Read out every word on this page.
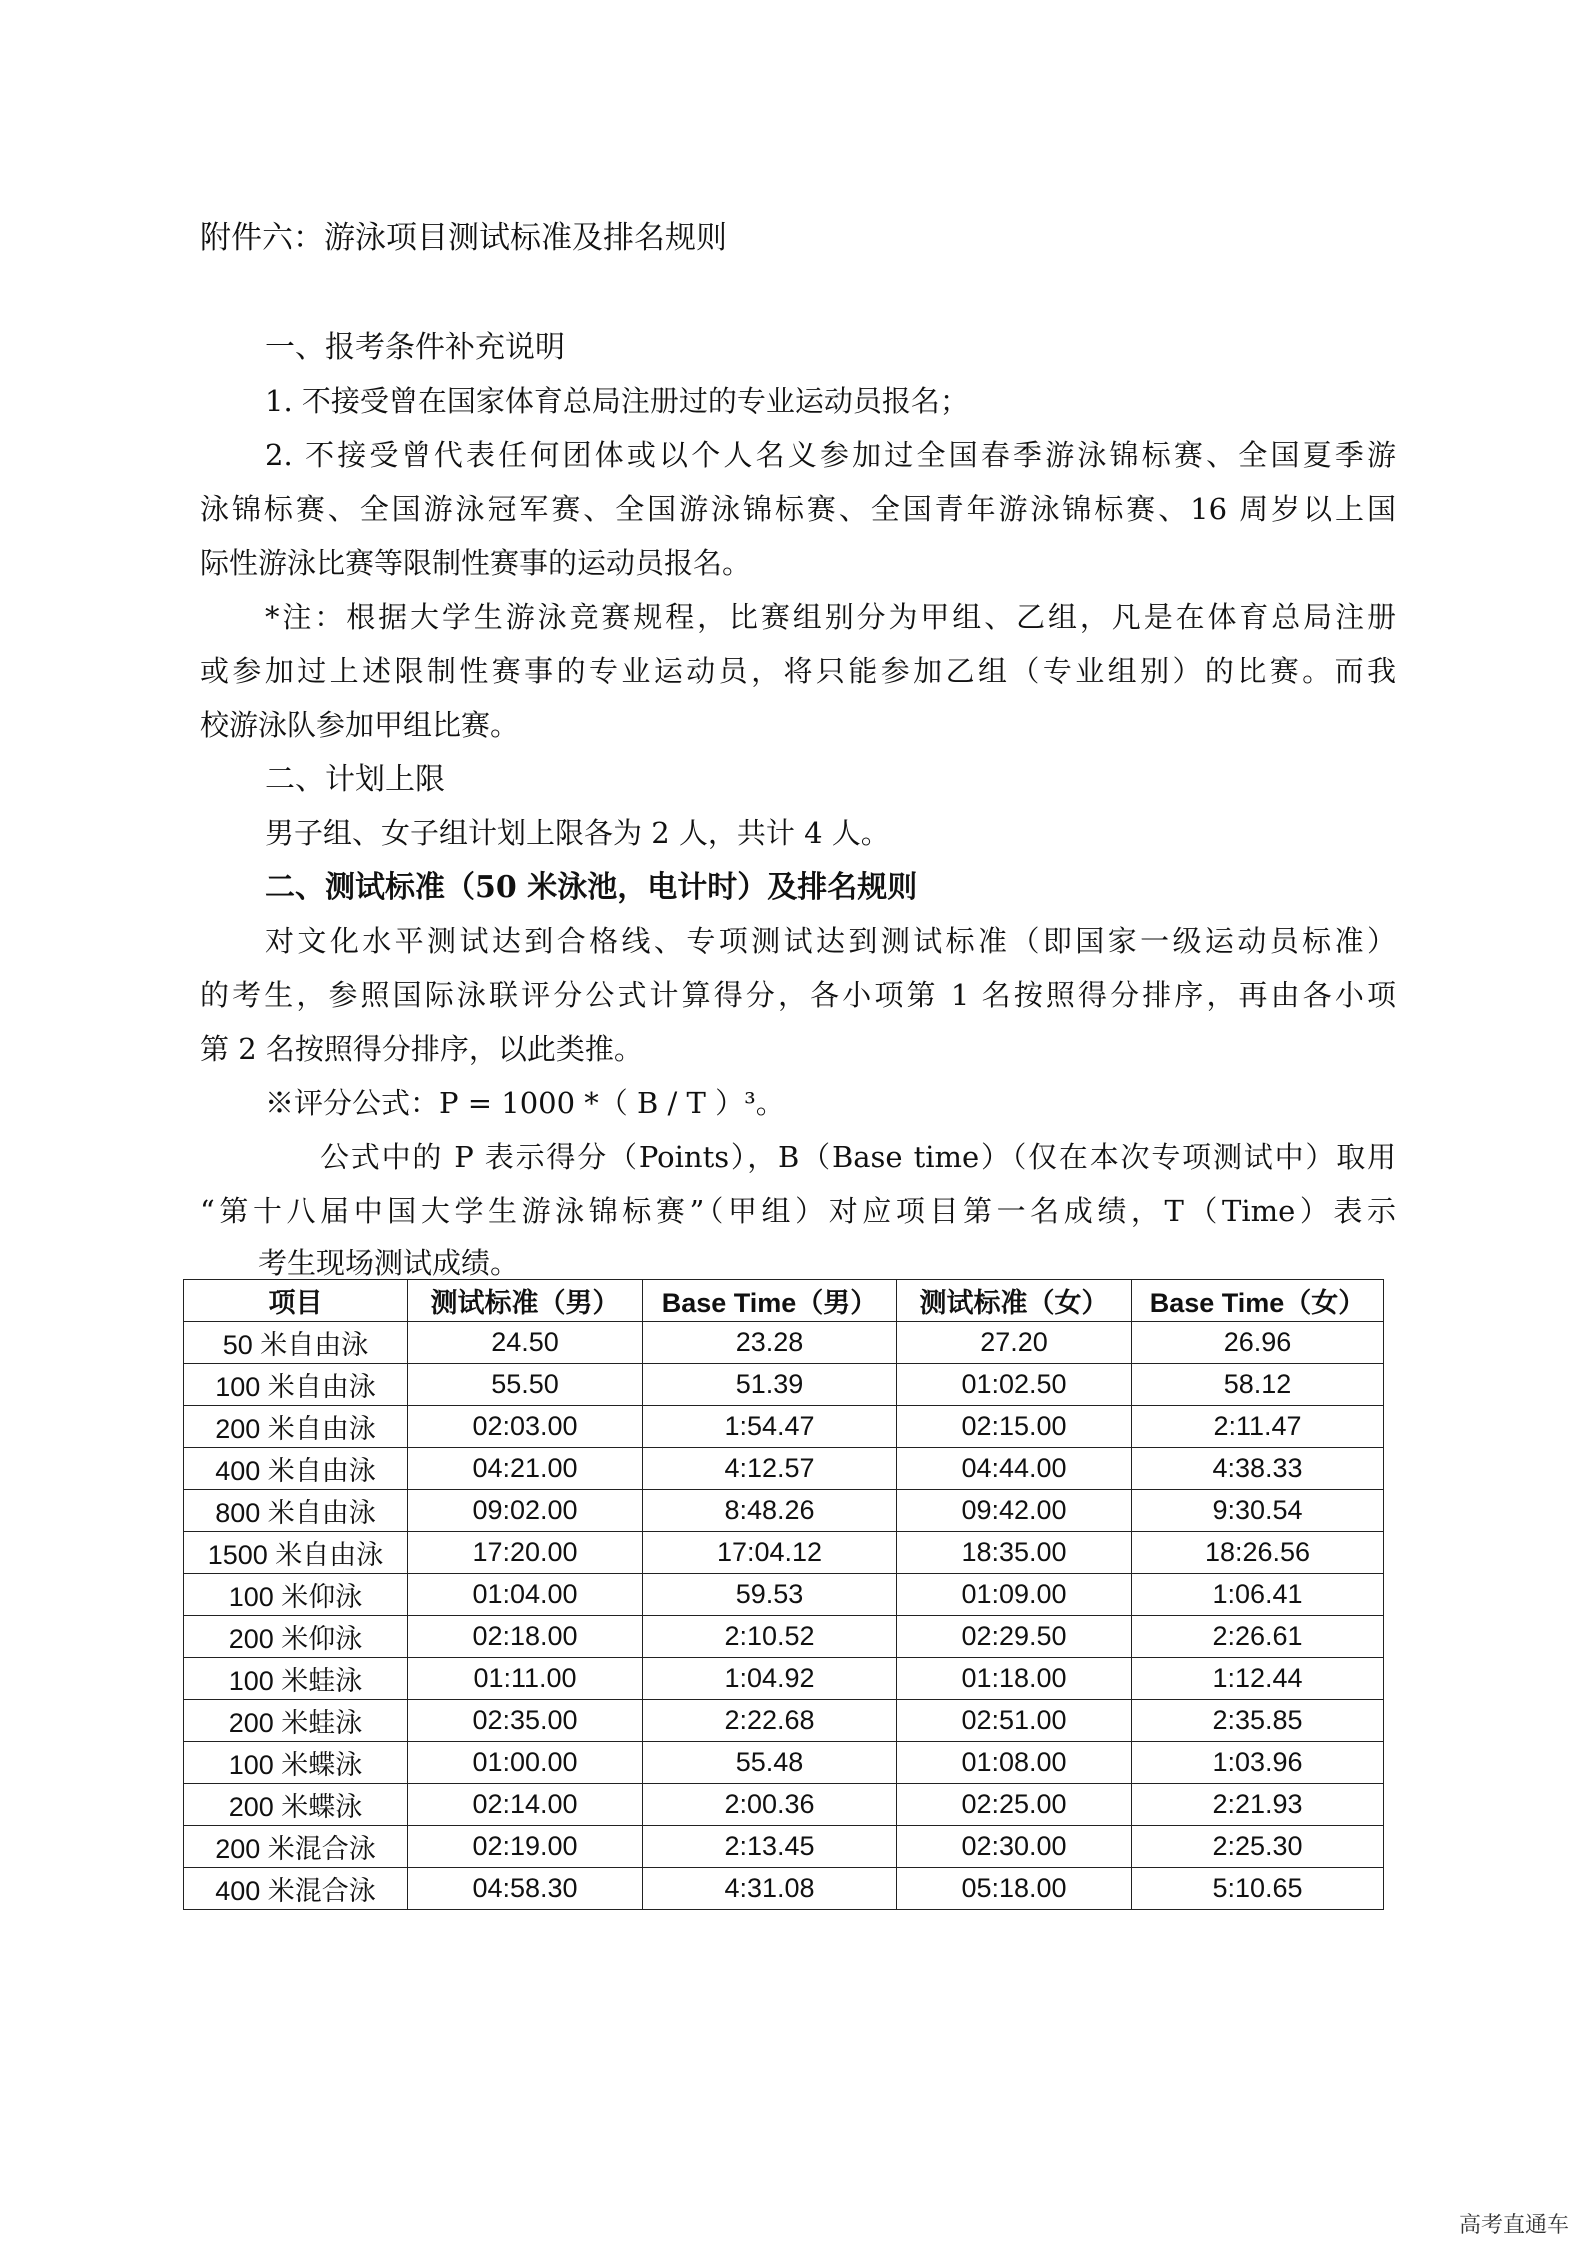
附件六：游泳项目测试标准及排名规则
一、报考条件补充说明
1. 不接受曾在国家体育总局注册过的专业运动员报名；
2. 不接受曾代表任何团体或以个人名义参加过全国春季游泳锦标赛、全国夏季游
泳锦标赛、全国游泳冠军赛、全国游泳锦标赛、全国青年游泳锦标赛、16 周岁以上国
际性游泳比赛等限制性赛事的运动员报名。
*注：根据大学生游泳竞赛规程，比赛组别分为甲组、乙组，凡是在体育总局注册
或参加过上述限制性赛事的专业运动员，将只能参加乙组（专业组别）的比赛。而我
校游泳队参加甲组比赛。
二、计划上限
男子组、女子组计划上限各为 2 人，共计 4 人。
二、测试标准（50 米泳池，电计时）及排名规则
对文化水平测试达到合格线、专项测试达到测试标准（即国家一级运动员标准）
的考生，参照国际泳联评分公式计算得分，各小项第 1 名按照得分排序，再由各小项
第 2 名按照得分排序，以此类推。
※评分公式：P = 1000 *（ B / T ）³。
公式中的 P 表示得分（Points），B（Base time）（仅在本次专项测试中）取用
“第十八届中国大学生游泳锦标赛”（甲组）对应项目第一名成绩，T（Time）表示
考生现场测试成绩。
项目	测试标准（男）	Base Time（男）	测试标准（女）	Base Time（女）
50 米自由泳	24.50	23.28	27.20	26.96
100 米自由泳	55.50	51.39	01:02.50	58.12
200 米自由泳	02:03.00	1:54.47	02:15.00	2:11.47
400 米自由泳	04:21.00	4:12.57	04:44.00	4:38.33
800 米自由泳	09:02.00	8:48.26	09:42.00	9:30.54
1500 米自由泳	17:20.00	17:04.12	18:35.00	18:26.56
100 米仰泳	01:04.00	59.53	01:09.00	1:06.41
200 米仰泳	02:18.00	2:10.52	02:29.50	2:26.61
100 米蛙泳	01:11.00	1:04.92	01:18.00	1:12.44
200 米蛙泳	02:35.00	2:22.68	02:51.00	2:35.85
100 米蝶泳	01:00.00	55.48	01:08.00	1:03.96
200 米蝶泳	02:14.00	2:00.36	02:25.00	2:21.93
200 米混合泳	02:19.00	2:13.45	02:30.00	2:25.30
400 米混合泳	04:58.30	4:31.08	05:18.00	5:10.65
高考直通车
